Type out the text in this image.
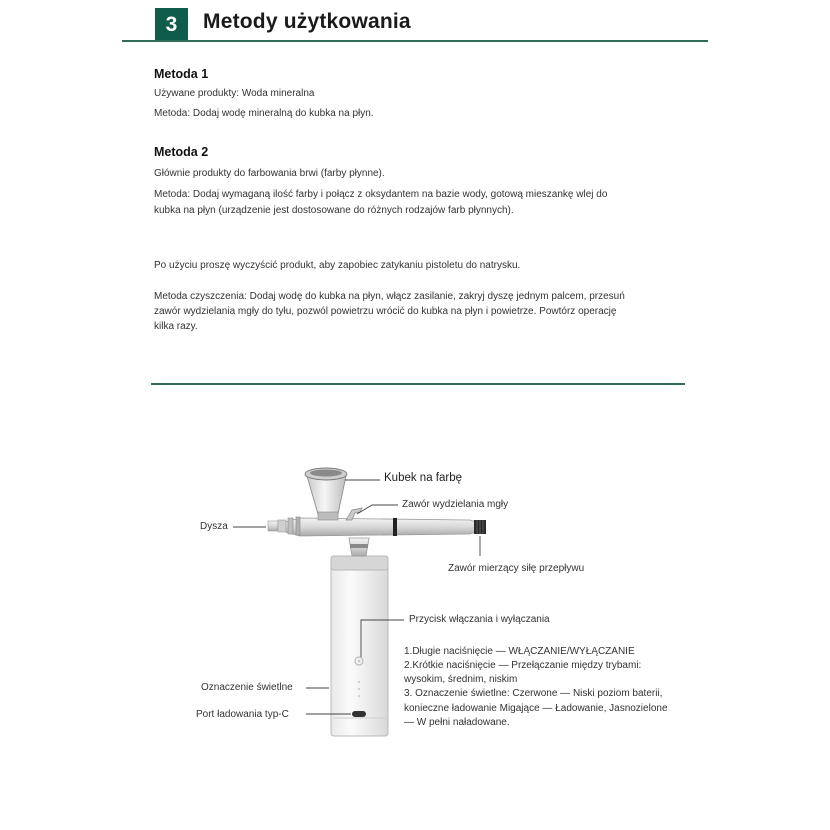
3	Metody użytkowania
Metoda 1
Używane produkty: Woda mineralna
Metoda: Dodaj wodę mineralną do kubka na płyn.
Metoda 2
Głównie produkty do farbowania brwi (farby płynne).
Metoda: Dodaj wymaganą ilość farby i połącz z oksydantem na bazie wody, gotową mieszankę wlej do
kubka na płyn (urządzenie jest dostosowane do różnych rodzajów farb płynnych).
Po użyciu proszę wyczyścić produkt, aby zapobiec zatykaniu pistoletu do natrysku.
Metoda czyszczenia: Dodaj wodę do kubka na płyn, włącz zasilanie, zakryj dyszę jednym palcem, przesuń
zawór wydzielania mgły do tyłu, pozwól powietrzu wrócić do kubka na płyn i powietrze. Powtórz operację
kilka razy.
Kubek na farbę
Zawór wydzielania mgły
Dysza
Zawór mierzący siłę przepływu
Przycisk włączania i wyłączania
Oznaczenie świetlne
Port ładowania typ-C
1.Długie naciśnięcie — WŁĄCZANIE/WYŁĄCZANIE
2.Krótkie naciśnięcie — Przełączanie między trybami:
wysokim, średnim, niskim
3. Oznaczenie świetlne: Czerwone — Niski poziom baterii,
konieczne ładowanie Migające — Ładowanie, Jasnozielone
— W pełni naładowane.
